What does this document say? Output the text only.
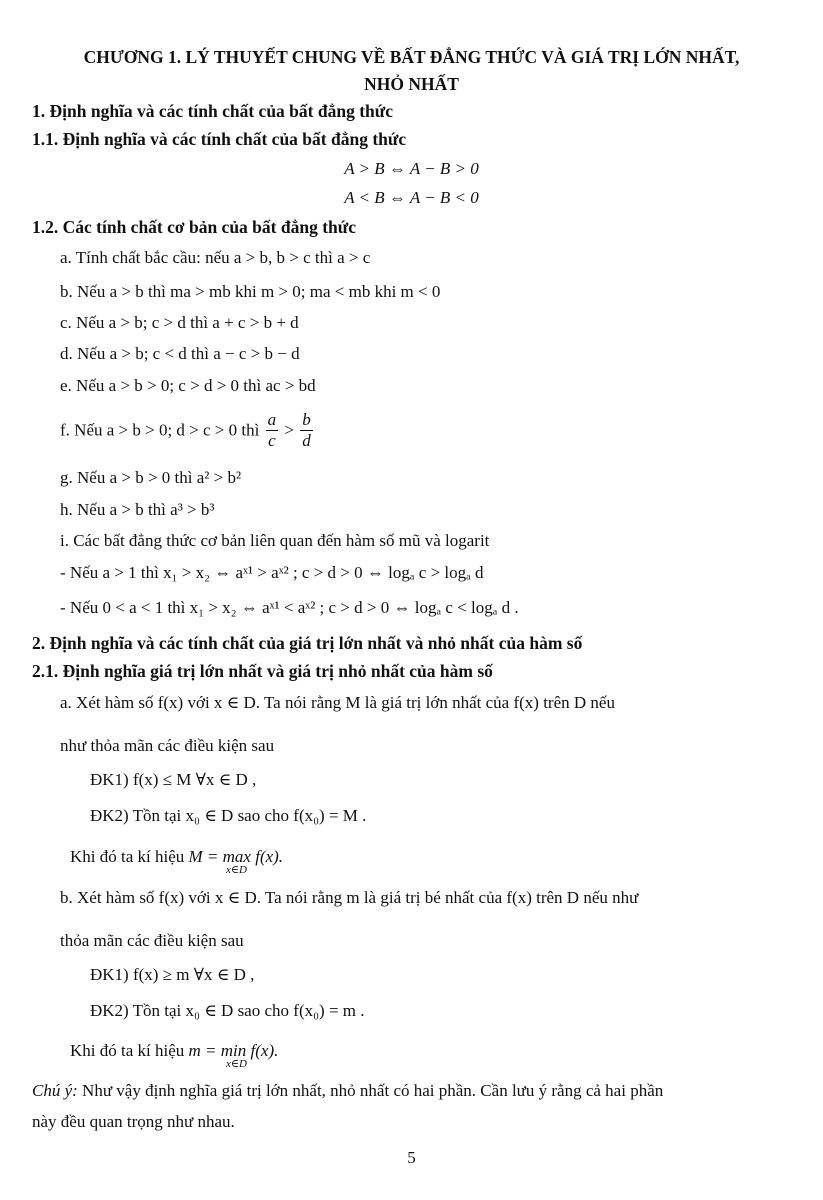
CHƯƠNG 1. LÝ THUYẾT CHUNG VỀ BẤT ĐẲNG THỨC VÀ GIÁ TRỊ LỚN NHẤT,
NHỎ NHẤT
1. Định nghĩa và các tính chất của bất đẳng thức
1.1. Định nghĩa và các tính chất của bất đẳng thức
A > B ⇔ A − B > 0
A < B ⇔ A − B < 0
1.2. Các tính chất cơ bản của bất đẳng thức
a. Tính chất bắc cầu: nếu a > b, b > c thì a > c
b. Nếu a > b thì ma > mb khi m > 0; ma < mb khi m < 0
c. Nếu a > b; c > d thì a + c > b + d
d. Nếu a > b; c < d thì a − c > b − d
e. Nếu a > b > 0; c > d > 0 thì ac > bd
f. Nếu a > b > 0; d > c > 0 thì $\frac{a}{c} > \frac{b}{d}$
g. Nếu a > b > 0 thì a² > b²
h. Nếu a > b thì a³ > b³
i. Các bất đẳng thức cơ bản liên quan đến hàm số mũ và logarit
- Nếu a > 1 thì x₁ > x₂ ⇔ aˣ¹ > aˣ² ; c > d > 0 ⇔ logₐ c > logₐ d
- Nếu 0 < a < 1 thì x₁ > x₂ ⇔ aˣ¹ < aˣ² ; c > d > 0 ⇔ logₐ c < logₐ d .
2. Định nghĩa và các tính chất của giá trị lớn nhất và nhỏ nhất của hàm số
2.1. Định nghĩa giá trị lớn nhất và giá trị nhỏ nhất của hàm số
a. Xét hàm số f(x) với x ∈ D. Ta nói rằng M là giá trị lớn nhất của f(x) trên D nếu
như thỏa mãn các điều kiện sau
ĐK1) f(x) ≤ M ∀x ∈ D ,
ĐK2) Tồn tại x₀ ∈ D sao cho f(x₀) = M .
Khi đó ta kí hiệu M = max f(x).
x∈D
b. Xét hàm số f(x) với x ∈ D. Ta nói rằng m là giá trị bé nhất của f(x) trên D nếu như
thỏa mãn các điều kiện sau
ĐK1) f(x) ≥ m ∀x ∈ D ,
ĐK2) Tồn tại x₀ ∈ D sao cho f(x₀) = m .
Khi đó ta kí hiệu m = min f(x).
x∈D
Chú ý: Như vậy định nghĩa giá trị lớn nhất, nhỏ nhất có hai phần. Cần lưu ý rằng cả hai phần
này đều quan trọng như nhau.
5
